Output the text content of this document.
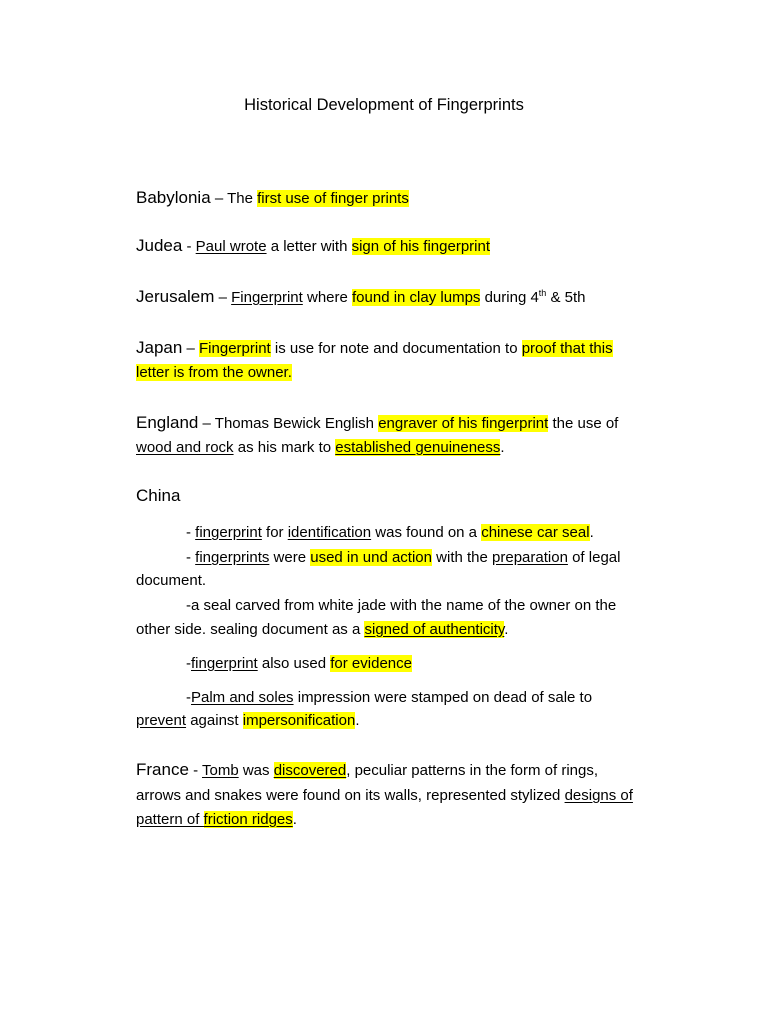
Historical Development of Fingerprints
Babylonia – The first use of finger prints
Judea - Paul wrote a letter with sign of his fingerprint
Jerusalem – Fingerprint where found in clay lumps during 4th & 5th
Japan – Fingerprint is use for note and documentation to proof that this
letter is from the owner.
England – Thomas Bewick English engraver of his fingerprint the use of
wood and rock as his mark to established genuineness.
China
- fingerprint for identification was found on a chinese car seal.
- fingerprints were used in und action with the preparation of legal
document.
-a seal carved from white jade with the name of the owner on the
other side. sealing document as a signed of authenticity.
-fingerprint also used for evidence
-Palm and soles impression were stamped on dead of sale to
prevent against impersonification.
France - Tomb was discovered, peculiar patterns in the form of rings,
arrows and snakes were found on its walls, represented stylized designs of
pattern of friction ridges.
